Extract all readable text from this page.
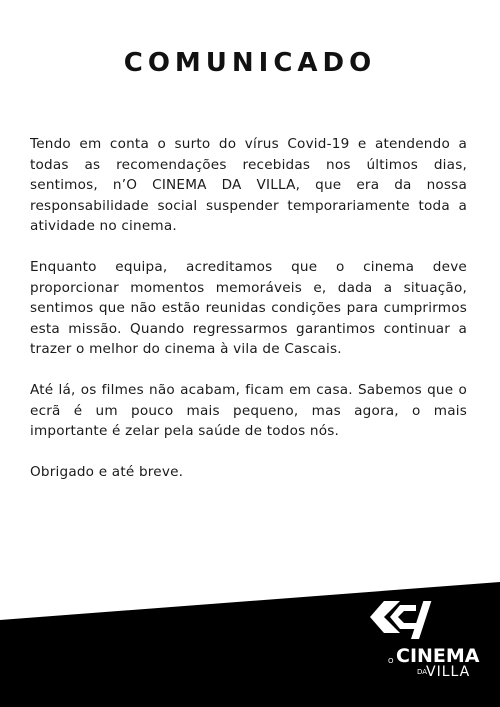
COMUNICADO

Tendo em conta o surto do vírus Covid-19 e atendendo a todas as recomendações recebidas nos últimos dias, sentimos, n’O CINEMA DA VILLA, que era da nossa responsabilidade social suspender temporariamente toda a atividade no cinema.

Enquanto equipa, acreditamos que o cinema deve proporcionar momentos memoráveis e, dada a situação, sentimos que não estão reunidas condições para cumprirmos esta missão. Quando regressarmos garantimos continuar a trazer o melhor do cinema à vila de Cascais.

Até lá, os filmes não acabam, ficam em casa. Sabemos que o ecrã é um pouco mais pequeno, mas agora, o mais importante é zelar pela saúde de todos nós.

Obrigado e até breve.

O CINEMA
DA
VILLA
